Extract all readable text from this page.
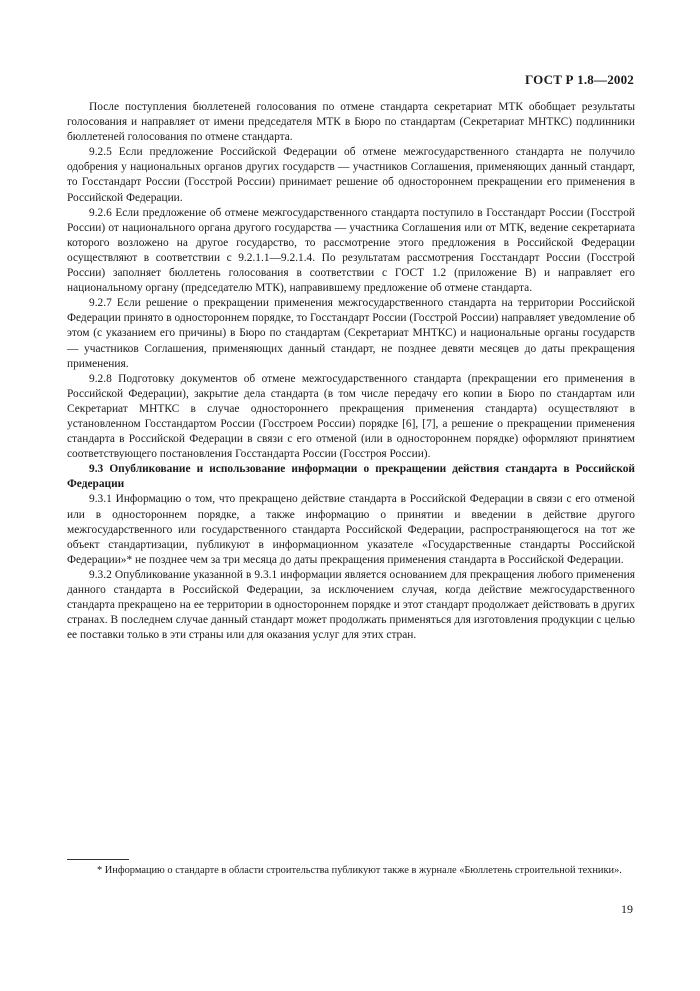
ГОСТ Р 1.8—2002

После поступления бюллетеней голосования по отмене стандарта секретариат МТК обобщает результаты голосования и направляет от имени председателя МТК в Бюро по стандартам (Секретариат МНТКС) подлинники бюллетеней голосования по отмене стандарта.

9.2.5 Если предложение Российской Федерации об отмене межгосударственного стандарта не получило одобрения у национальных органов других государств — участников Соглашения, применяющих данный стандарт, то Госстандарт России (Госстрой России) принимает решение об одностороннем прекращении его применения в Российской Федерации.

9.2.6 Если предложение об отмене межгосударственного стандарта поступило в Госстандарт России (Госстрой России) от национального органа другого государства — участника Соглашения или от МТК, ведение секретариата которого возложено на другое государство, то рассмотрение этого предложения в Российской Федерации осуществляют в соответствии с 9.2.1.1—9.2.1.4. По результатам рассмотрения Госстандарт России (Госстрой России) заполняет бюллетень голосования в соответствии с ГОСТ 1.2 (приложение В) и направляет его национальному органу (председателю МТК), направившему предложение об отмене стандарта.

9.2.7 Если решение о прекращении применения межгосударственного стандарта на территории Российской Федерации принято в одностороннем порядке, то Госстандарт России (Госстрой России) направляет уведомление об этом (с указанием его причины) в Бюро по стандартам (Секретариат МНТКС) и национальные органы государств — участников Соглашения, применяющих данный стандарт, не позднее девяти месяцев до даты прекращения применения.

9.2.8 Подготовку документов об отмене межгосударственного стандарта (прекращении его применения в Российской Федерации), закрытие дела стандарта (в том числе передачу его копии в Бюро по стандартам или Секретариат МНТКС в случае одностороннего прекращения применения стандарта) осуществляют в установленном Госстандартом России (Госстроем России) порядке [6], [7], а решение о прекращении применения стандарта в Российской Федерации в связи с его отменой (или в одностороннем порядке) оформляют принятием соответствующего постановления Госстандарта России (Госстроя России).

9.3 Опубликование и использование информации о прекращении действия стандарта в Российской Федерации

9.3.1 Информацию о том, что прекращено действие стандарта в Российской Федерации в связи с его отменой или в одностороннем порядке, а также информацию о принятии и введении в действие другого межгосударственного или государственного стандарта Российской Федерации, распространяющегося на тот же объект стандартизации, публикуют в информационном указателе «Государственные стандарты Российской Федерации»* не позднее чем за три месяца до даты прекращения применения стандарта в Российской Федерации.

9.3.2 Опубликование указанной в 9.3.1 информации является основанием для прекращения любого применения данного стандарта в Российской Федерации, за исключением случая, когда действие межгосударственного стандарта прекращено на ее территории в одностороннем порядке и этот стандарт продолжает действовать в других странах. В последнем случае данный стандарт может продолжать применяться для изготовления продукции с целью ее поставки только в эти страны или для оказания услуг для этих стран.

* Информацию о стандарте в области строительства публикуют также в журнале «Бюллетень строительной техники».
19
